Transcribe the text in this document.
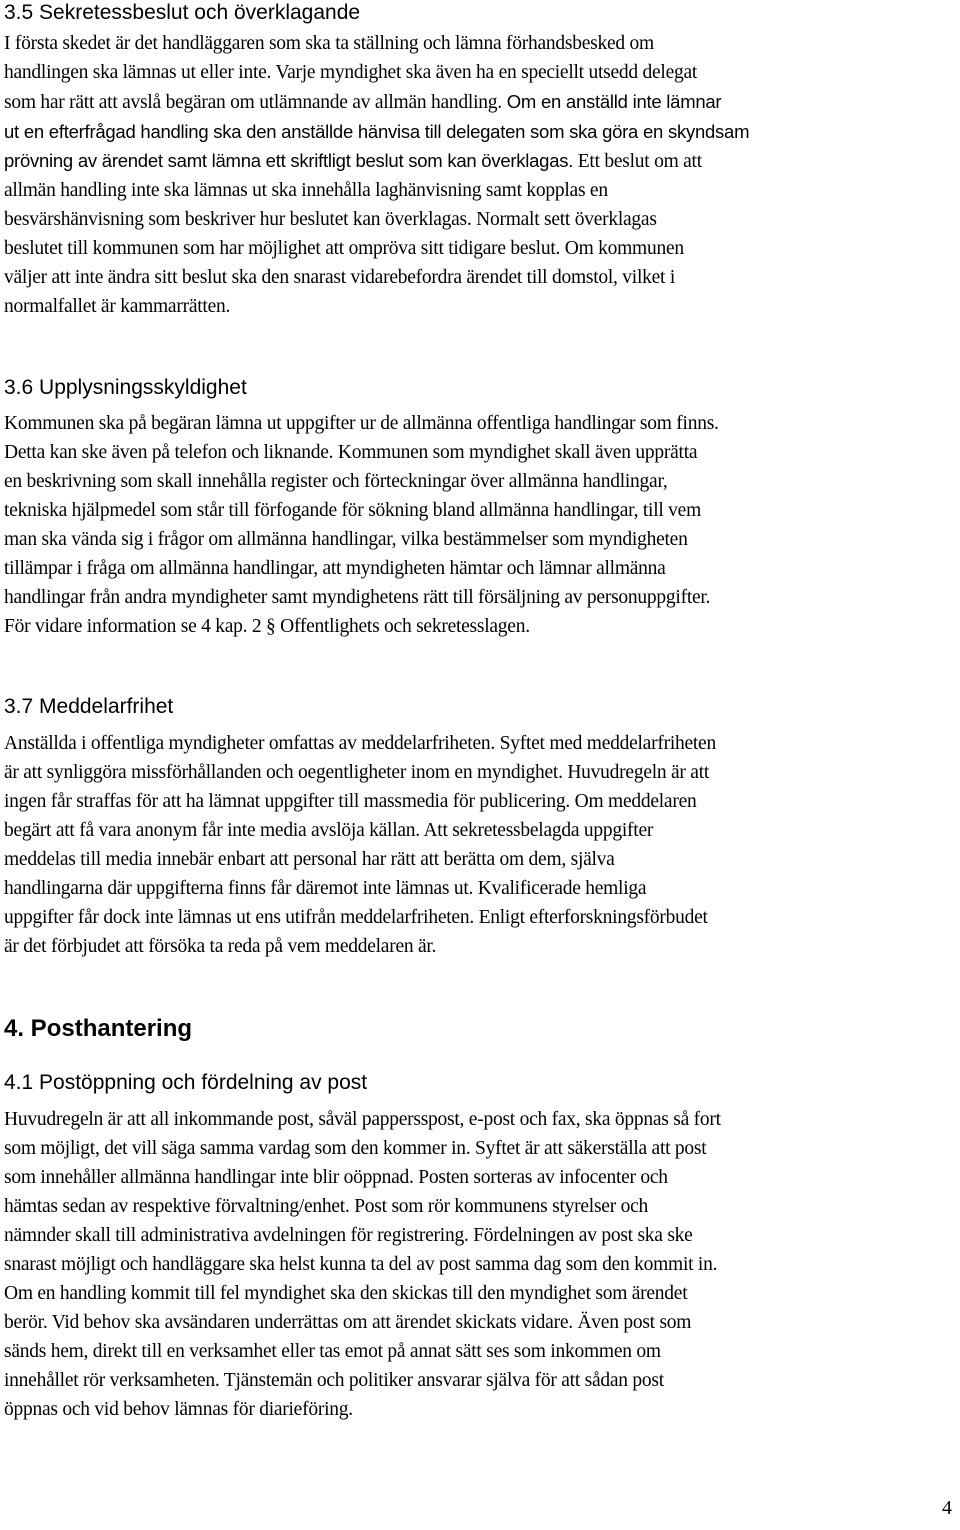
3.5 Sekretessbeslut och överklagande
I första skedet är det handläggaren som ska ta ställning och lämna förhandsbesked om
handlingen ska lämnas ut eller inte. Varje myndighet ska även ha en speciellt utsedd delegat
som har rätt att avslå begäran om utlämnande av allmän handling. Om en anställd inte lämnar
ut en efterfrågad handling ska den anställde hänvisa till delegaten som ska göra en skyndsam
prövning av ärendet samt lämna ett skriftligt beslut som kan överklagas. Ett beslut om att
allmän handling inte ska lämnas ut ska innehålla laghänvisning samt kopplas en
besvärshänvisning som beskriver hur beslutet kan överklagas. Normalt sett överklagas
beslutet till kommunen som har möjlighet att ompröva sitt tidigare beslut. Om kommunen
väljer att inte ändra sitt beslut ska den snarast vidarebefordra ärendet till domstol, vilket i
normalfallet är kammarrätten.
3.6 Upplysningsskyldighet
Kommunen ska på begäran lämna ut uppgifter ur de allmänna offentliga handlingar som finns.
Detta kan ske även på telefon och liknande. Kommunen som myndighet skall även upprätta
en beskrivning som skall innehålla register och förteckningar över allmänna handlingar,
tekniska hjälpmedel som står till förfogande för sökning bland allmänna handlingar, till vem
man ska vända sig i frågor om allmänna handlingar, vilka bestämmelser som myndigheten
tillämpar i fråga om allmänna handlingar, att myndigheten hämtar och lämnar allmänna
handlingar från andra myndigheter samt myndighetens rätt till försäljning av personuppgifter.
För vidare information se 4 kap. 2 § Offentlighets och sekretesslagen.
3.7 Meddelarfrihet
Anställda i offentliga myndigheter omfattas av meddelarfriheten. Syftet med meddelarfriheten
är att synliggöra missförhållanden och oegentligheter inom en myndighet. Huvudregeln är att
ingen får straffas för att ha lämnat uppgifter till massmedia för publicering. Om meddelaren
begärt att få vara anonym får inte media avslöja källan. Att sekretessbelagda uppgifter
meddelas till media innebär enbart att personal har rätt att berätta om dem, själva
handlingarna där uppgifterna finns får däremot inte lämnas ut. Kvalificerade hemliga
uppgifter får dock inte lämnas ut ens utifrån meddelarfriheten. Enligt efterforskningsförbudet
är det förbjudet att försöka ta reda på vem meddelaren är.
4. Posthantering
4.1 Postöppning och fördelning av post
Huvudregeln är att all inkommande post, såväl pappersspost, e-post och fax, ska öppnas så fort
som möjligt, det vill säga samma vardag som den kommer in. Syftet är att säkerställa att post
som innehåller allmänna handlingar inte blir oöppnad. Posten sorteras av infocenter och
hämtas sedan av respektive förvaltning/enhet. Post som rör kommunens styrelser och
nämnder skall till administrativa avdelningen för registrering. Fördelningen av post ska ske
snarast möjligt och handläggare ska helst kunna ta del av post samma dag som den kommit in.
Om en handling kommit till fel myndighet ska den skickas till den myndighet som ärendet
berör. Vid behov ska avsändaren underrättas om att ärendet skickats vidare. Även post som
sänds hem, direkt till en verksamhet eller tas emot på annat sätt ses som inkommen om
innehållet rör verksamheten. Tjänstemän och politiker ansvarar själva för att sådan post
öppnas och vid behov lämnas för diarieföring.
4
